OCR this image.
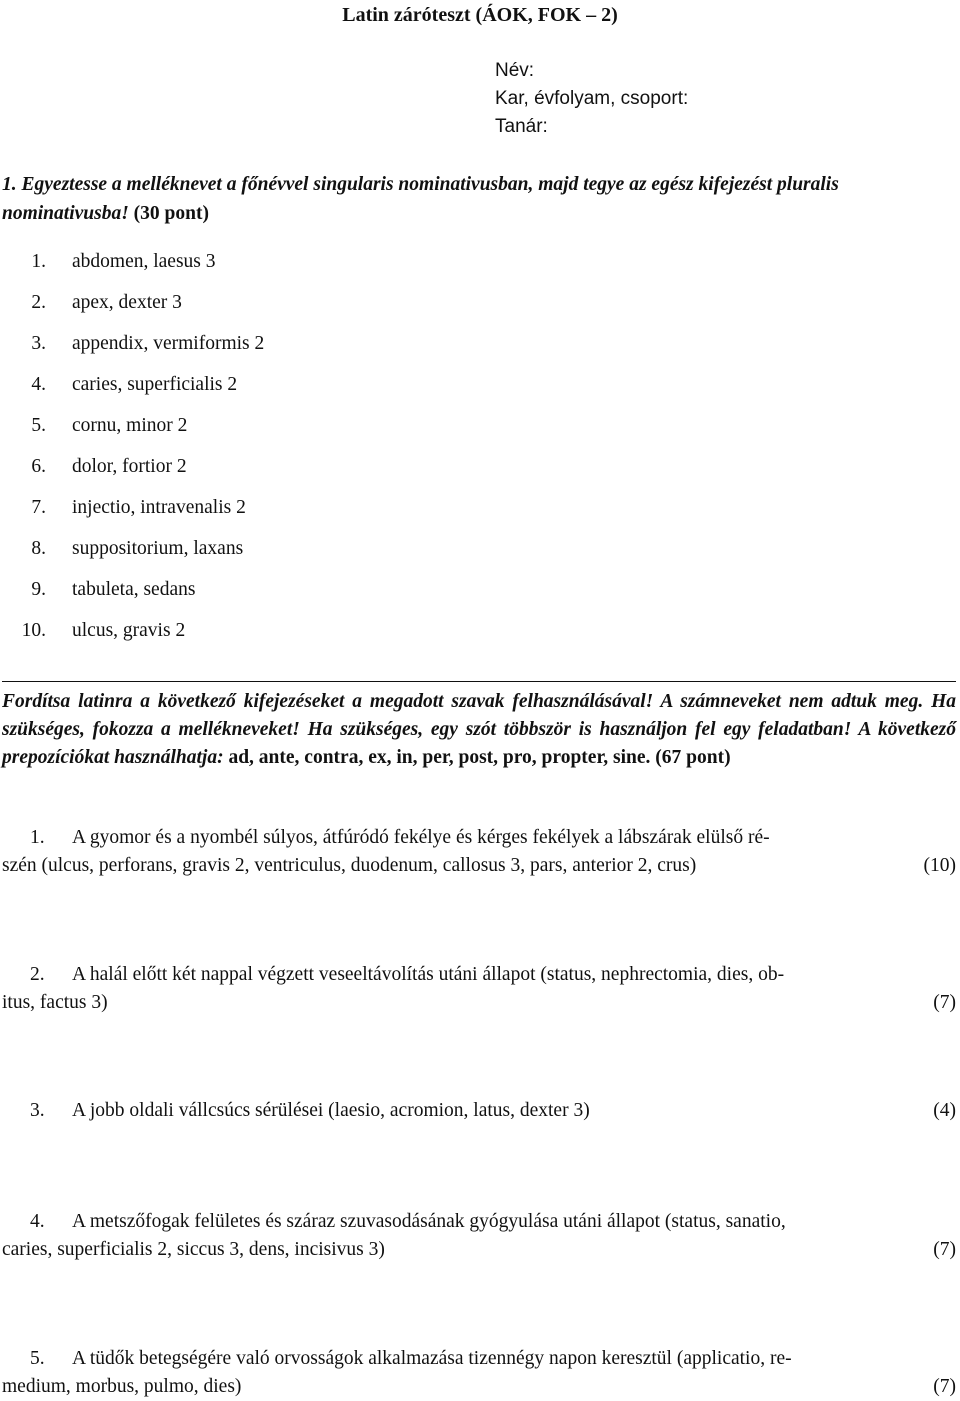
Latin záróteszt (ÁOK, FOK – 2)
Név:
Kar, évfolyam, csoport:
Tanár:
1. Egyeztesse a melléknevet a főnévvel singularis nominativusban, majd tegye az egész kifejezést pluralis nominativusba! (30 pont)
1. abdomen, laesus 3
2. apex, dexter 3
3. appendix, vermiformis 2
4. caries, superficialis 2
5. cornu, minor 2
6. dolor, fortior 2
7. injectio, intravenalis 2
8. suppositorium, laxans
9. tabuleta, sedans
10. ulcus, gravis 2
Fordítsa latinra a következő kifejezéseket a megadott szavak felhasználásával! A számneveket nem adtuk meg. Ha szükséges, fokozza a mellékneveket! Ha szükséges, egy szót többször is használjon fel egy feladatban! A következő prepozíciókat használhatja: ad, ante, contra, ex, in, per, post, pro, propter, sine. (67 pont)
1. A gyomor és a nyombél súlyos, átfúródó fekélye és kérges fekélyek a lábszárak elülső ré-
szén (ulcus, perforans, gravis 2, ventriculus, duodenum, callosus 3, pars, anterior 2, crus)	(10)
2. A halál előtt két nappal végzett veseeltávolítás utáni állapot (status, nephrectomia, dies, ob-
itus, factus 3)	(7)
3. A jobb oldali vállcsúcs sérülései (laesio, acromion, latus, dexter 3)	(4)
4. A metszőfogak felületes és száraz szuvasodásának gyógyulása utáni állapot (status, sanatio,
caries, superficialis 2, siccus 3, dens, incisivus 3)	(7)
5. A tüdők betegségére való orvosságok alkalmazása tizennégy napon keresztül (applicatio, re-
medium, morbus, pulmo, dies)	(7)
